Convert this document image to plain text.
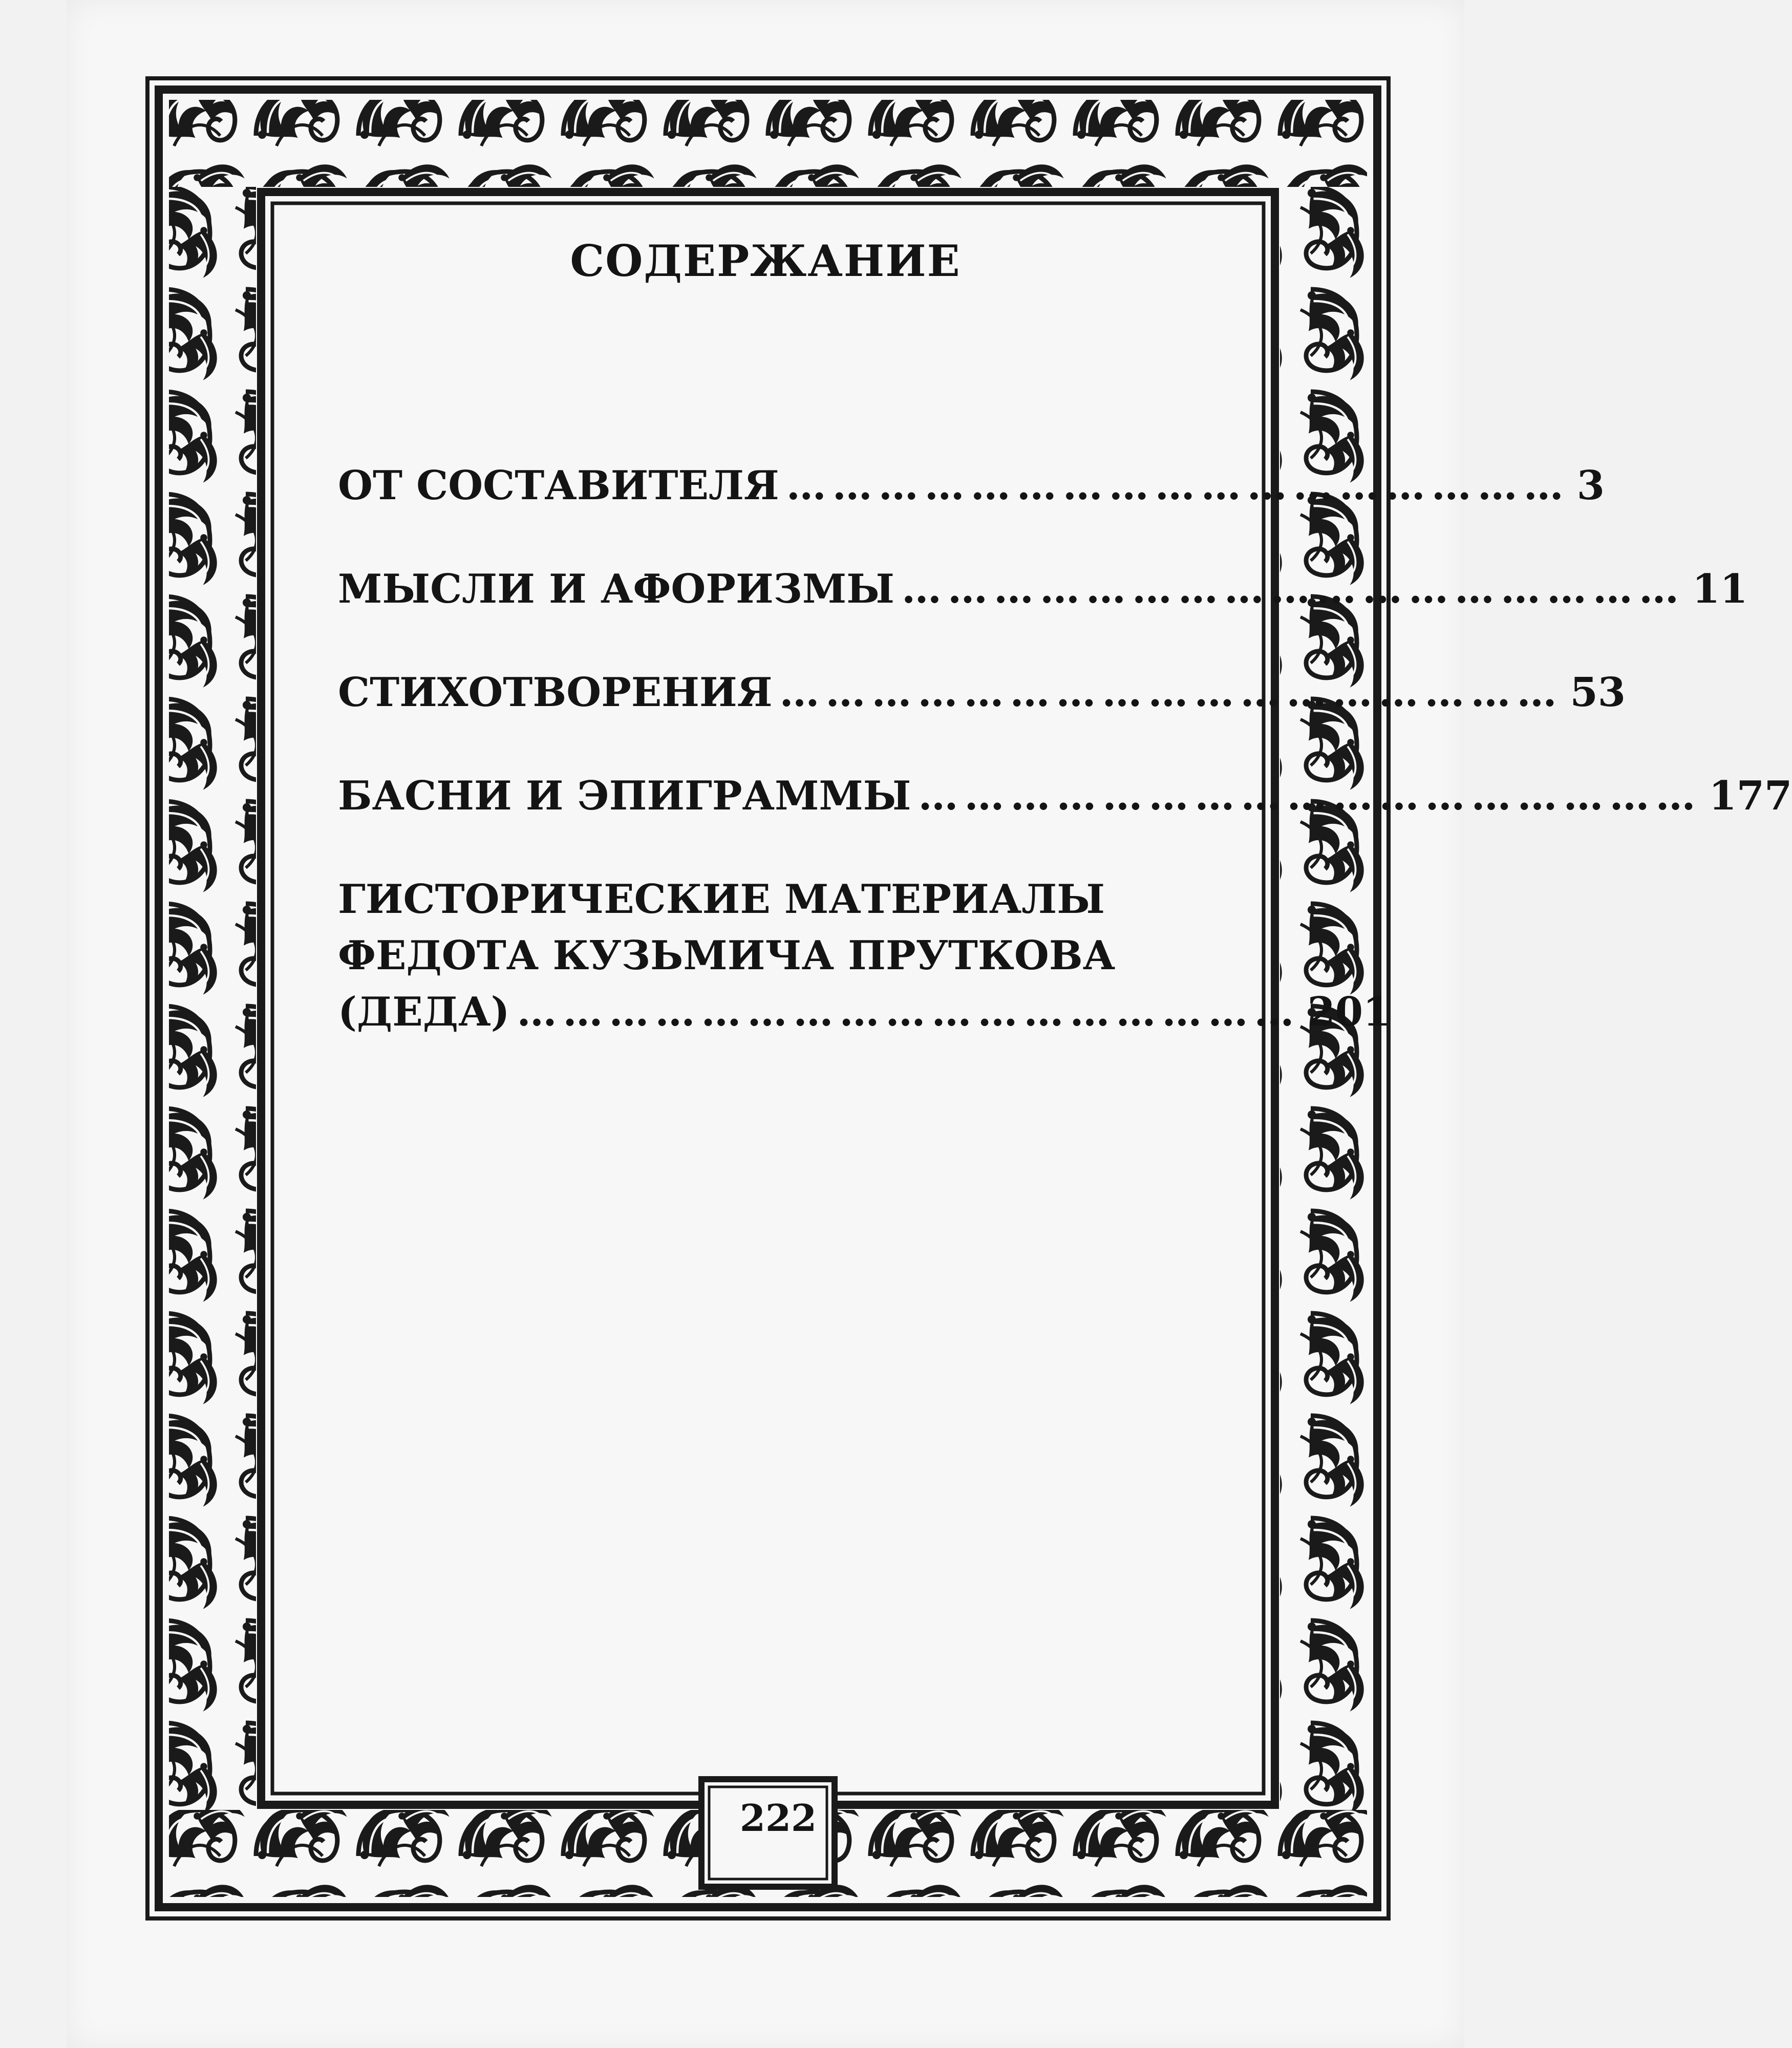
СОДЕРЖАНИЕ
ОТ СОСТАВИТЕЛЯ …………………………………………… 3
МЫСЛИ И АФОРИЗМЫ …………………………………………… 11
СТИХОТВОРЕНИЯ …………………………………………… 53
БАСНИ И ЭПИГРАММЫ …………………………………………… 177
ГИСТОРИЧЕСКИЕ МАТЕРИАЛЫ
ФЕДОТА КУЗЬМИЧА ПРУТКОВА
(ДЕДА) …………………………………………… 201
222
